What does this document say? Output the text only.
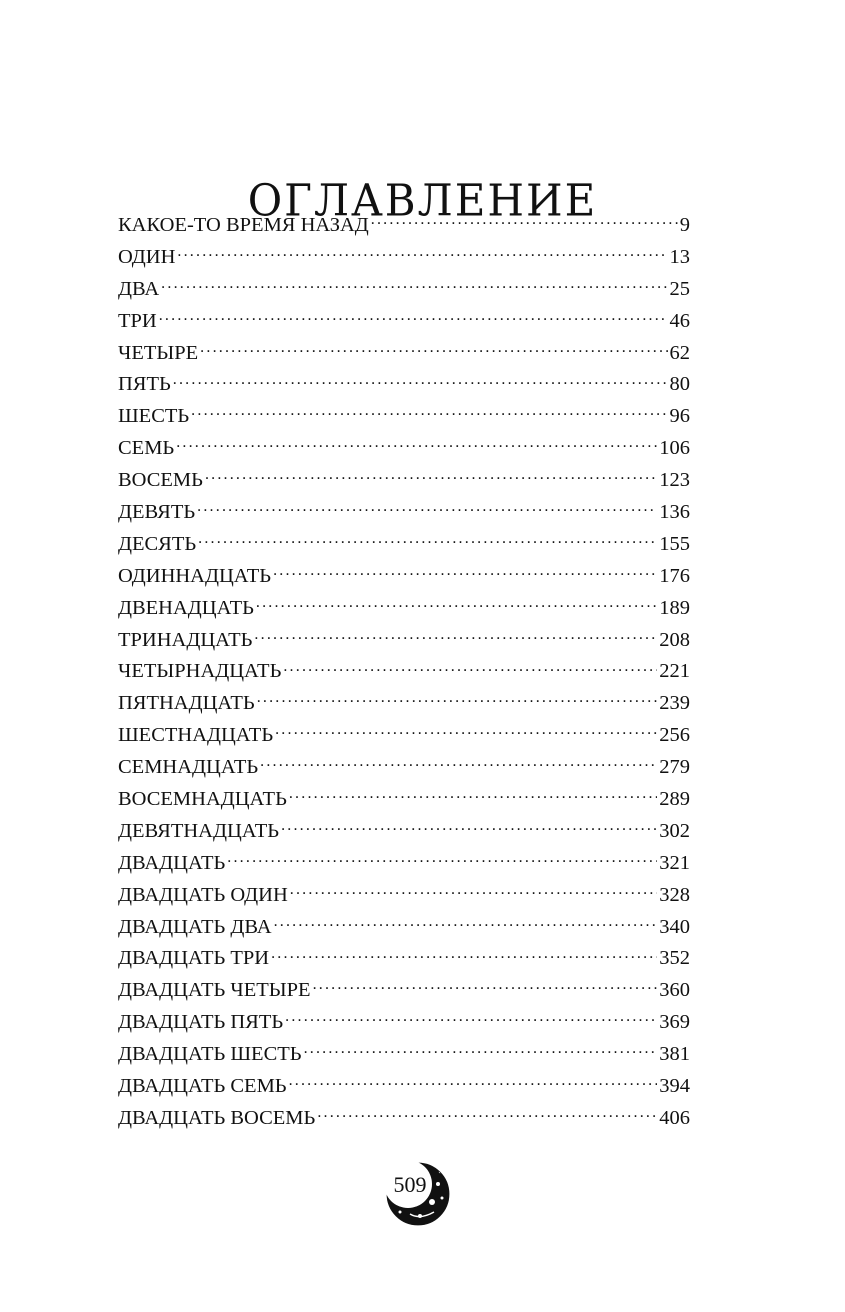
ОГЛАВЛЕНИЕ
КАКОЕ-ТО ВРЕМЯ НАЗАД .....	9
ОДИН .....	13
ДВА .....	25
ТРИ .....	46
ЧЕТЫРЕ .....	62
ПЯТЬ .....	80
ШЕСТЬ .....	96
СЕМЬ .....	106
ВОСЕМЬ .....	123
ДЕВЯТЬ .....	136
ДЕСЯТЬ .....	155
ОДИННАДЦАТЬ .....	176
ДВЕНАДЦАТЬ .....	189
ТРИНАДЦАТЬ .....	208
ЧЕТЫРНАДЦАТЬ .....	221
ПЯТНАДЦАТЬ .....	239
ШЕСТНАДЦАТЬ .....	256
СЕМНАДЦАТЬ .....	279
ВОСЕМНАДЦАТЬ .....	289
ДЕВЯТНАДЦАТЬ .....	302
ДВАДЦАТЬ .....	321
ДВАДЦАТЬ ОДИН .....	328
ДВАДЦАТЬ ДВА .....	340
ДВАДЦАТЬ ТРИ .....	352
ДВАДЦАТЬ ЧЕТЫРЕ .....	360
ДВАДЦАТЬ ПЯТЬ .....	369
ДВАДЦАТЬ ШЕСТЬ .....	381
ДВАДЦАТЬ СЕМЬ .....	394
ДВАДЦАТЬ ВОСЕМЬ .....	406
509
